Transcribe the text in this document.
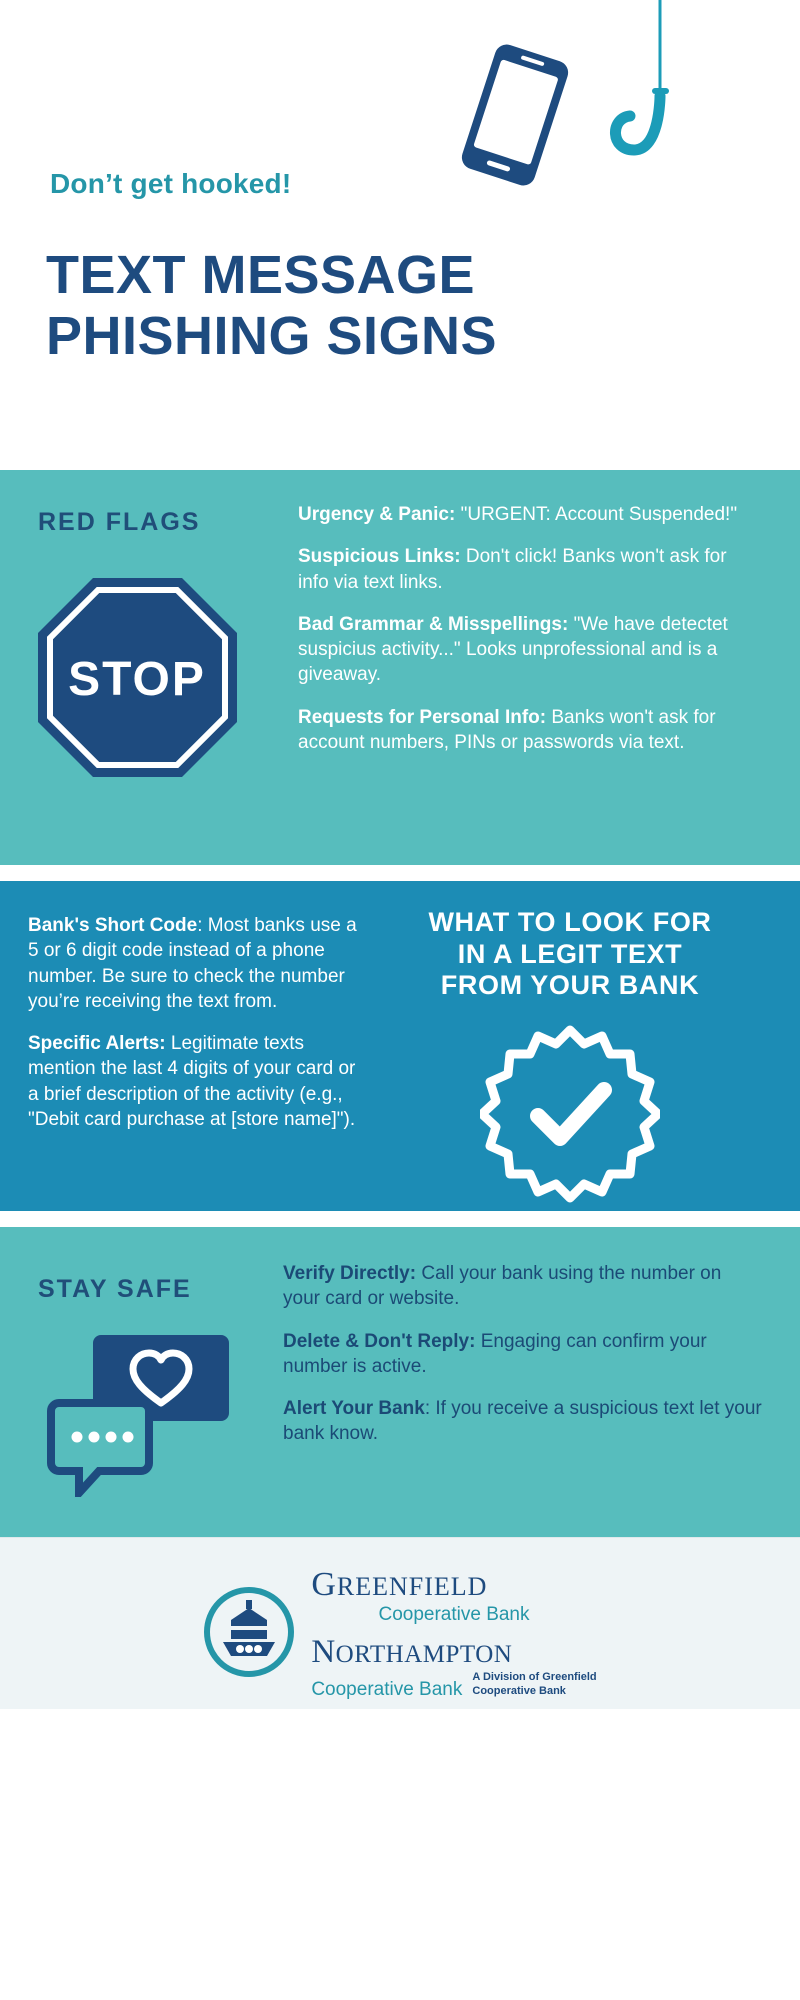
Don’t get hooked!
TEXT MESSAGE
PHISHING SIGNS
RED FLAGS
STOP

Urgency & Panic: "URGENT: Account Suspended!"

Suspicious Links: Don't click! Banks won't ask for info via text links.

Bad Grammar & Misspellings: "We have detectet suspicius activity..." Looks unprofessional and is a giveaway.

Requests for Personal Info: Banks won't ask for account numbers, PINs or passwords via text.

Bank's Short Code: Most banks use a 5 or 6 digit code instead of a phone number. Be sure to check the number you’re receiving the text from.

Specific Alerts: Legitimate texts mention the last 4 digits of your card or a brief description of the activity (e.g., "Debit card purchase at [store name]").

WHAT TO LOOK FOR
IN A LEGIT TEXT
FROM YOUR BANK
STAY SAFE

Verify Directly: Call your bank using the number on your card or website.

Delete & Don't Reply: Engaging can confirm your number is active.

Alert Your Bank: If you receive a suspicious text let your bank know.

GREENFIELD
Cooperative Bank
NORTHAMPTON
Cooperative Bank
A Division of Greenfield
Cooperative Bank
